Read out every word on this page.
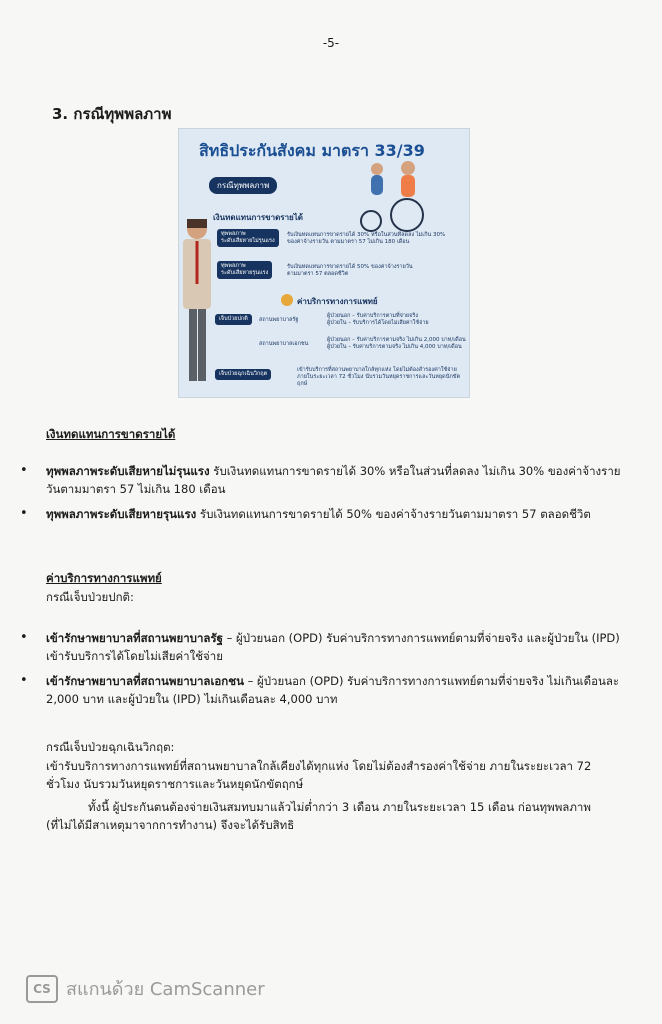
-5-
3. กรณีทุพพลภาพ
สิทธิประกันสังคม มาตรา 33/39
กรณีทุพพลภาพ
เงินทดแทนการขาดรายได้
ทุพพลภาพ
ระดับเสียหายไม่รุนแรง
รับเงินทดแทนการขาดรายได้ 30% หรือในส่วนที่ลดลง ไม่เกิน 30%
ของค่าจ้างรายวัน ตามมาตรา 57 ไม่เกิน 180 เดือน
ทุพพลภาพ
ระดับเสียหายรุนแรง
รับเงินทดแทนการขาดรายได้ 50% ของค่าจ้างรายวัน
ตามมาตรา 57 ตลอดชีวิต
ค่าบริการทางการแพทย์
เจ็บป่วยปกติ	สถานพยาบาลรัฐ
ผู้ป่วยนอก – รับค่าบริการตามที่จ่ายจริง
ผู้ป่วยใน – รับบริการได้โดยไม่เสียค่าใช้จ่าย
สถานพยาบาลเอกชน
ผู้ป่วยนอก – รับค่าบริการตามจริง ไม่เกิน 2,000 บาท/เดือน
ผู้ป่วยใน – รับค่าบริการตามจริง ไม่เกิน 4,000 บาท/เดือน
เจ็บป่วยฉุกเฉินวิกฤต
เข้ารับบริการที่สถานพยาบาลใกล้ทุกแห่ง โดยไม่ต้องสำรองค่าใช้จ่าย
ภายในระยะเวลา 72 ชั่วโมง นับรวมวันหยุดราชการและวันหยุดนักขัตฤกษ์
เงินทดแทนการขาดรายได้
• ทุพพลภาพระดับเสียหายไม่รุนแรง รับเงินทดแทนการขาดรายได้ 30% หรือในส่วนที่ลดลง ไม่เกิน 30% ของค่าจ้างรายวันตามมาตรา 57 ไม่เกิน 180 เดือน
• ทุพพลภาพระดับเสียหายรุนแรง รับเงินทดแทนการขาดรายได้ 50% ของค่าจ้างรายวันตามมาตรา 57 ตลอดชีวิต
ค่าบริการทางการแพทย์
กรณีเจ็บป่วยปกติ:
• เข้ารักษาพยาบาลที่สถานพยาบาลรัฐ – ผู้ป่วยนอก (OPD) รับค่าบริการทางการแพทย์ตามที่จ่ายจริง และผู้ป่วยใน (IPD) เข้ารับบริการได้โดยไม่เสียค่าใช้จ่าย
• เข้ารักษาพยาบาลที่สถานพยาบาลเอกชน – ผู้ป่วยนอก (OPD) รับค่าบริการทางการแพทย์ตามที่จ่ายจริง ไม่เกินเดือนละ 2,000 บาท และผู้ป่วยใน (IPD) ไม่เกินเดือนละ 4,000 บาท
กรณีเจ็บป่วยฉุกเฉินวิกฤต:
เข้ารับบริการทางการแพทย์ที่สถานพยาบาลใกล้เคียงได้ทุกแห่ง โดยไม่ต้องสำรองค่าใช้จ่าย ภายในระยะเวลา 72 ชั่วโมง นับรวมวันหยุดราชการและวันหยุดนักขัตฤกษ์
ทั้งนี้ ผู้ประกันตนต้องจ่ายเงินสมทบมาแล้วไม่ต่ำกว่า 3 เดือน ภายในระยะเวลา 15 เดือน ก่อนทุพพลภาพ (ที่ไม่ได้มีสาเหตุมาจากการทำงาน) จึงจะได้รับสิทธิ
CS สแกนด้วย CamScanner
